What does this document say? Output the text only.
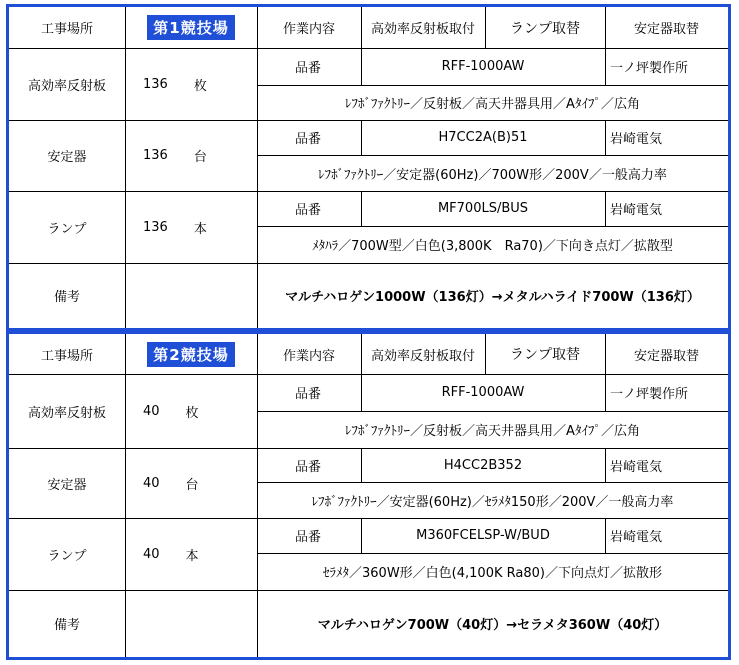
工事場所	第1競技場	作業内容	高効率反射板取付	ランプ取替	安定器取替
高効率反射板	136 枚
品番	RFF-1000AW	一ノ坪製作所
ﾚﾌﾎﾞﾌｧｸﾄﾘｰ／反射板／高天井器具用／Aﾀｲﾌﾟ／広角
安定器	136 台
品番	H7CC2A(B)51	岩崎電気
ﾚﾌﾎﾞﾌｧｸﾄﾘｰ／安定器(60Hz)／700W形／200V／一般高力率
ランプ	136 本
品番	MF700LS/BUS	岩崎電気
ﾒﾀﾊﾗ／700W型／白色(3,800K　Ra70)／下向き点灯／拡散型
備考	マルチハロゲン1000W（136灯）→メタルハライド700W（136灯）
工事場所	第2競技場	作業内容	高効率反射板取付	ランプ取替	安定器取替
高効率反射板	40 枚
品番	RFF-1000AW	一ノ坪製作所
ﾚﾌﾎﾞﾌｧｸﾄﾘｰ／反射板／高天井器具用／Aﾀｲﾌﾟ／広角
安定器	40 台
品番	H4CC2B352	岩崎電気
ﾚﾌﾎﾞﾌｧｸﾄﾘｰ／安定器(60Hz)／ｾﾗﾒﾀ150形／200V／一般高力率
ランプ	40 本
品番	M360FCELSP-W/BUD	岩崎電気
ｾﾗﾒﾀ／360W形／白色(4,100K Ra80)／下向点灯／拡散形
備考	マルチハロゲン700W（40灯）→セラメタ360W（40灯）
